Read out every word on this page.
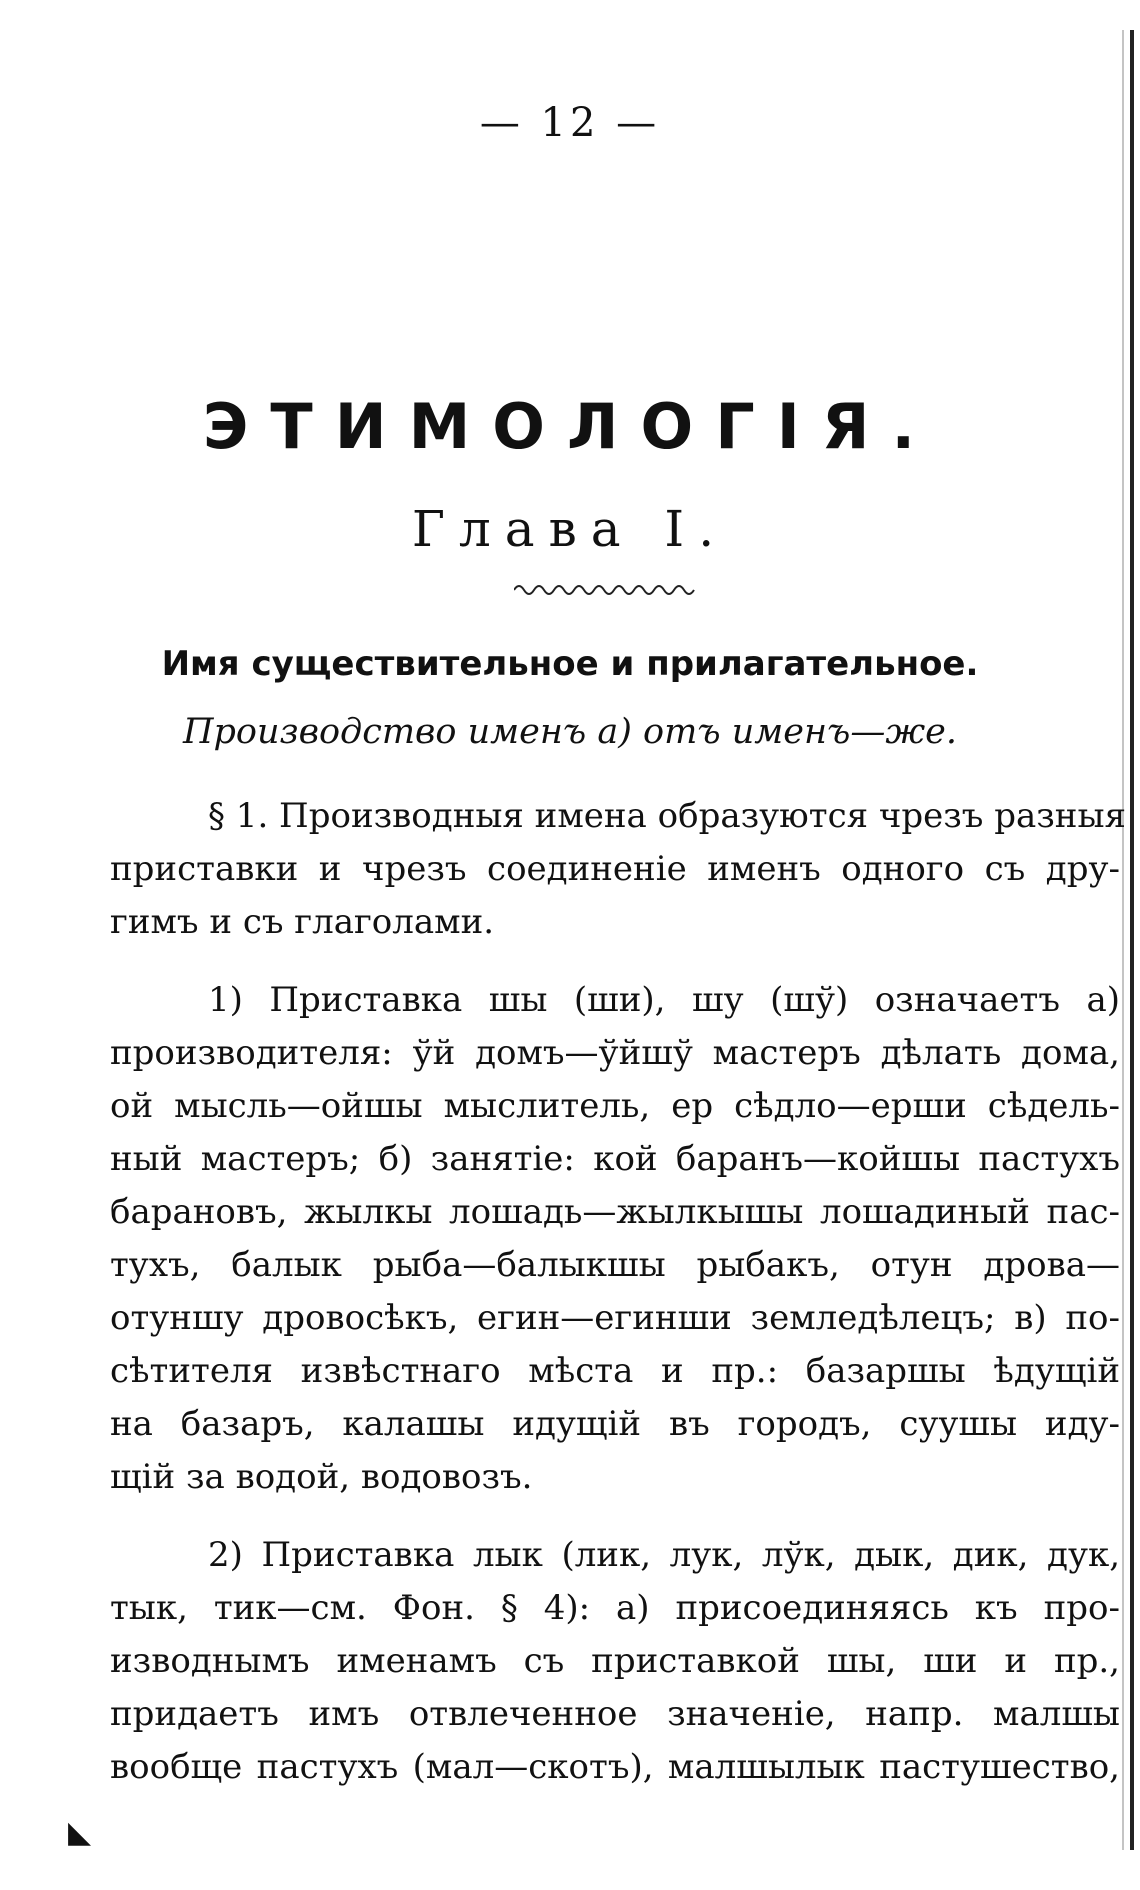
— 12 —
ЭТИМОЛОГІЯ.
Глава I.
Имя существительное и прилагательное.
Производство именъ а) отъ именъ—же.
§ 1. Производныя имена образуются чрезъ разныя
приставки и чрезъ соединеніе именъ одного съ дру-
гимъ и съ глаголами.
1) Приставка шы (ши), шу (шў) означаетъ а)
производителя: ўй домъ—ўйшў мастеръ дѣлать дома,
ой мысль—ойшы мыслитель, ер сѣдло—ерши сѣдель-
ный мастеръ; б) занятіе: кой баранъ—койшы пастухъ
барановъ, жылкы лошадь—жылкышы лошадиный пас-
тухъ, балык рыба—балыкшы рыбакъ, отун дрова—
отуншу дровосѣкъ, егин—егинши земледѣлецъ; в) по-
сѣтителя извѣстнаго мѣста и пр.: базаршы ѣдущій
на базаръ, калашы идущій въ городъ, суушы иду-
щій за водой, водовозъ.
2) Приставка лык (лик, лук, лўк, дык, дик, дук,
тык, тик—см. Фон. § 4): а) присоединяясь къ про-
изводнымъ именамъ съ приставкой шы, ши и пр.,
придаетъ имъ отвлеченное значеніе, напр. малшы
вообще пастухъ (мал—скотъ), малшылык пастушество,
◣
